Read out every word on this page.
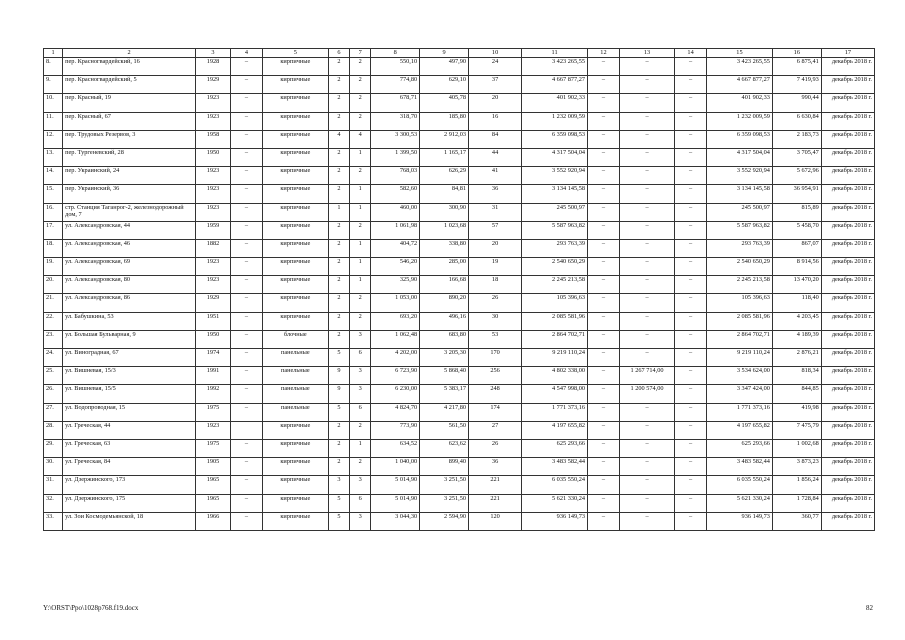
1	2	3	4	5	6	7	8	9	10	11	12	13	14	15	16	17
8.	пер. Красногвардейский, 16	1928	–	кирпичные	2	2	550,10	497,90	24	3 423 265,55	–	–	–	3 423 265,55	6 875,41	декабрь 2018 г.
9.	пер. Красногвардейский, 5	1929	–	кирпичные	2	2	774,80	629,10	37	4 667 877,27	–	–	–	4 667 877,27	7 419,93	декабрь 2018 г.
10.	пер. Красный, 19	1923	–	кирпичные	2	2	678,71	405,78	20	401 902,33	–	–	–	401 902,33	990,44	декабрь 2018 г.
11.	пер. Красный, 67	1923	–	кирпичные	2	2	318,70	185,80	16	1 232 009,59	–	–	–	1 232 009,59	6 630,84	декабрь 2018 г.
12.	пер. Трудовых Резервов, 3	1958	–	кирпичные	4	4	3 300,53	2 912,03	84	6 359 098,53	–	–	–	6 359 098,53	2 183,73	декабрь 2018 г.
13.	пер. Тургеневский, 28	1950	–	кирпичные	2	1	1 399,50	1 165,17	44	4 317 504,04	–	–	–	4 317 504,04	3 705,47	декабрь 2018 г.
14.	пер. Украинский, 24	1923	–	кирпичные	2	2	768,03	626,29	41	3 552 920,94	–	–	–	3 552 920,94	5 672,96	декабрь 2018 г.
15.	пер. Украинский, 36	1923	–	кирпичные	2	1	582,60	84,81	36	3 134 145,58	–	–	–	3 134 145,58	36 954,91	декабрь 2018 г.
16.	стр. Станция Таганрог-2, железнодорожный дом, 7	1923	–	кирпичные	1	1	460,00	300,90	31	245 500,97	–	–	–	245 500,97	815,89	декабрь 2018 г.
17.	ул. Александровская, 44	1959	–	кирпичные	2	2	1 061,98	1 023,68	57	5 587 963,82	–	–	–	5 587 963,82	5 458,70	декабрь 2018 г.
18.	ул. Александровская, 46	1882	–	кирпичные	2	1	404,72	338,80	20	293 763,39	–	–	–	293 763,39	867,07	декабрь 2018 г.
19.	ул. Александровская, 69	1923	–	кирпичные	2	1	546,20	285,00	19	2 540 650,29	–	–	–	2 540 650,29	8 914,56	декабрь 2018 г.
20.	ул. Александровская, 80	1923	–	кирпичные	2	1	325,90	166,68	18	2 245 213,58	–	–	–	2 245 213,58	13 470,20	декабрь 2018 г.
21.	ул. Александровская, 86	1929	–	кирпичные	2	2	1 053,00	890,20	26	105 396,63	–	–	–	105 396,63	118,40	декабрь 2018 г.
22.	ул. Бабушкина, 53	1951	–	кирпичные	2	2	693,20	496,16	30	2 085 581,96	–	–	–	2 085 581,96	4 203,45	декабрь 2018 г.
23.	ул. Большая Бульварная, 9	1950	–	блочные	2	3	1 062,48	683,80	53	2 864 702,71	–	–	–	2 864 702,71	4 189,39	декабрь 2018 г.
24.	ул. Виноградная, 67	1974	–	панельные	5	6	4 202,00	3 205,30	170	9 219 110,24	–	–	–	9 219 110,24	2 876,21	декабрь 2018 г.
25.	ул. Вишневая, 15/3	1991	–	панельные	9	3	6 723,90	5 868,40	256	4 802 338,00	–	1 267 714,00	–	3 534 624,00	818,34	декабрь 2018 г.
26.	ул. Вишневая, 15/5	1992	–	панельные	9	3	6 230,00	5 383,17	248	4 547 998,00	–	1 200 574,00	–	3 347 424,00	844,85	декабрь 2018 г.
27.	ул. Водопроводная, 15	1975	–	панельные	5	6	4 824,70	4 217,80	174	1 771 373,16	–	–	–	1 771 373,16	419,98	декабрь 2018 г.
28.	ул. Греческая, 44	1923		кирпичные	2	2	773,90	561,50	27	4 197 655,82	–	–	–	4 197 655,82	7 475,79	декабрь 2018 г.
29.	ул. Греческая, 63	1975	–	кирпичные	2	1	634,52	623,62	26	625 293,66	–	–	–	625 293,66	1 002,68	декабрь 2018 г.
30.	ул. Греческая, 84	1905	–	кирпичные	2	2	1 040,00	899,40	36	3 483 582,44	–	–	–	3 483 582,44	3 873,23	декабрь 2018 г.
31.	ул. Дзержинского, 173	1965	–	кирпичные	3	3	5 014,90	3 251,50	221	6 035 550,24	–	–	–	6 035 550,24	1 856,24	декабрь 2018 г.
32.	ул. Дзержинского, 175	1965	–	кирпичные	5	6	5 014,90	3 251,50	221	5 621 330,24	–	–	–	5 621 330,24	1 728,84	декабрь 2018 г.
33.	ул. Зои Космодемьянской, 18	1966	–	кирпичные	5	3	3 044,30	2 594,90	120	936 149,73	–	–	–	936 149,73	360,77	декабрь 2018 г.
Y:\ORST\Ppo\1028p768.f19.docx	82
